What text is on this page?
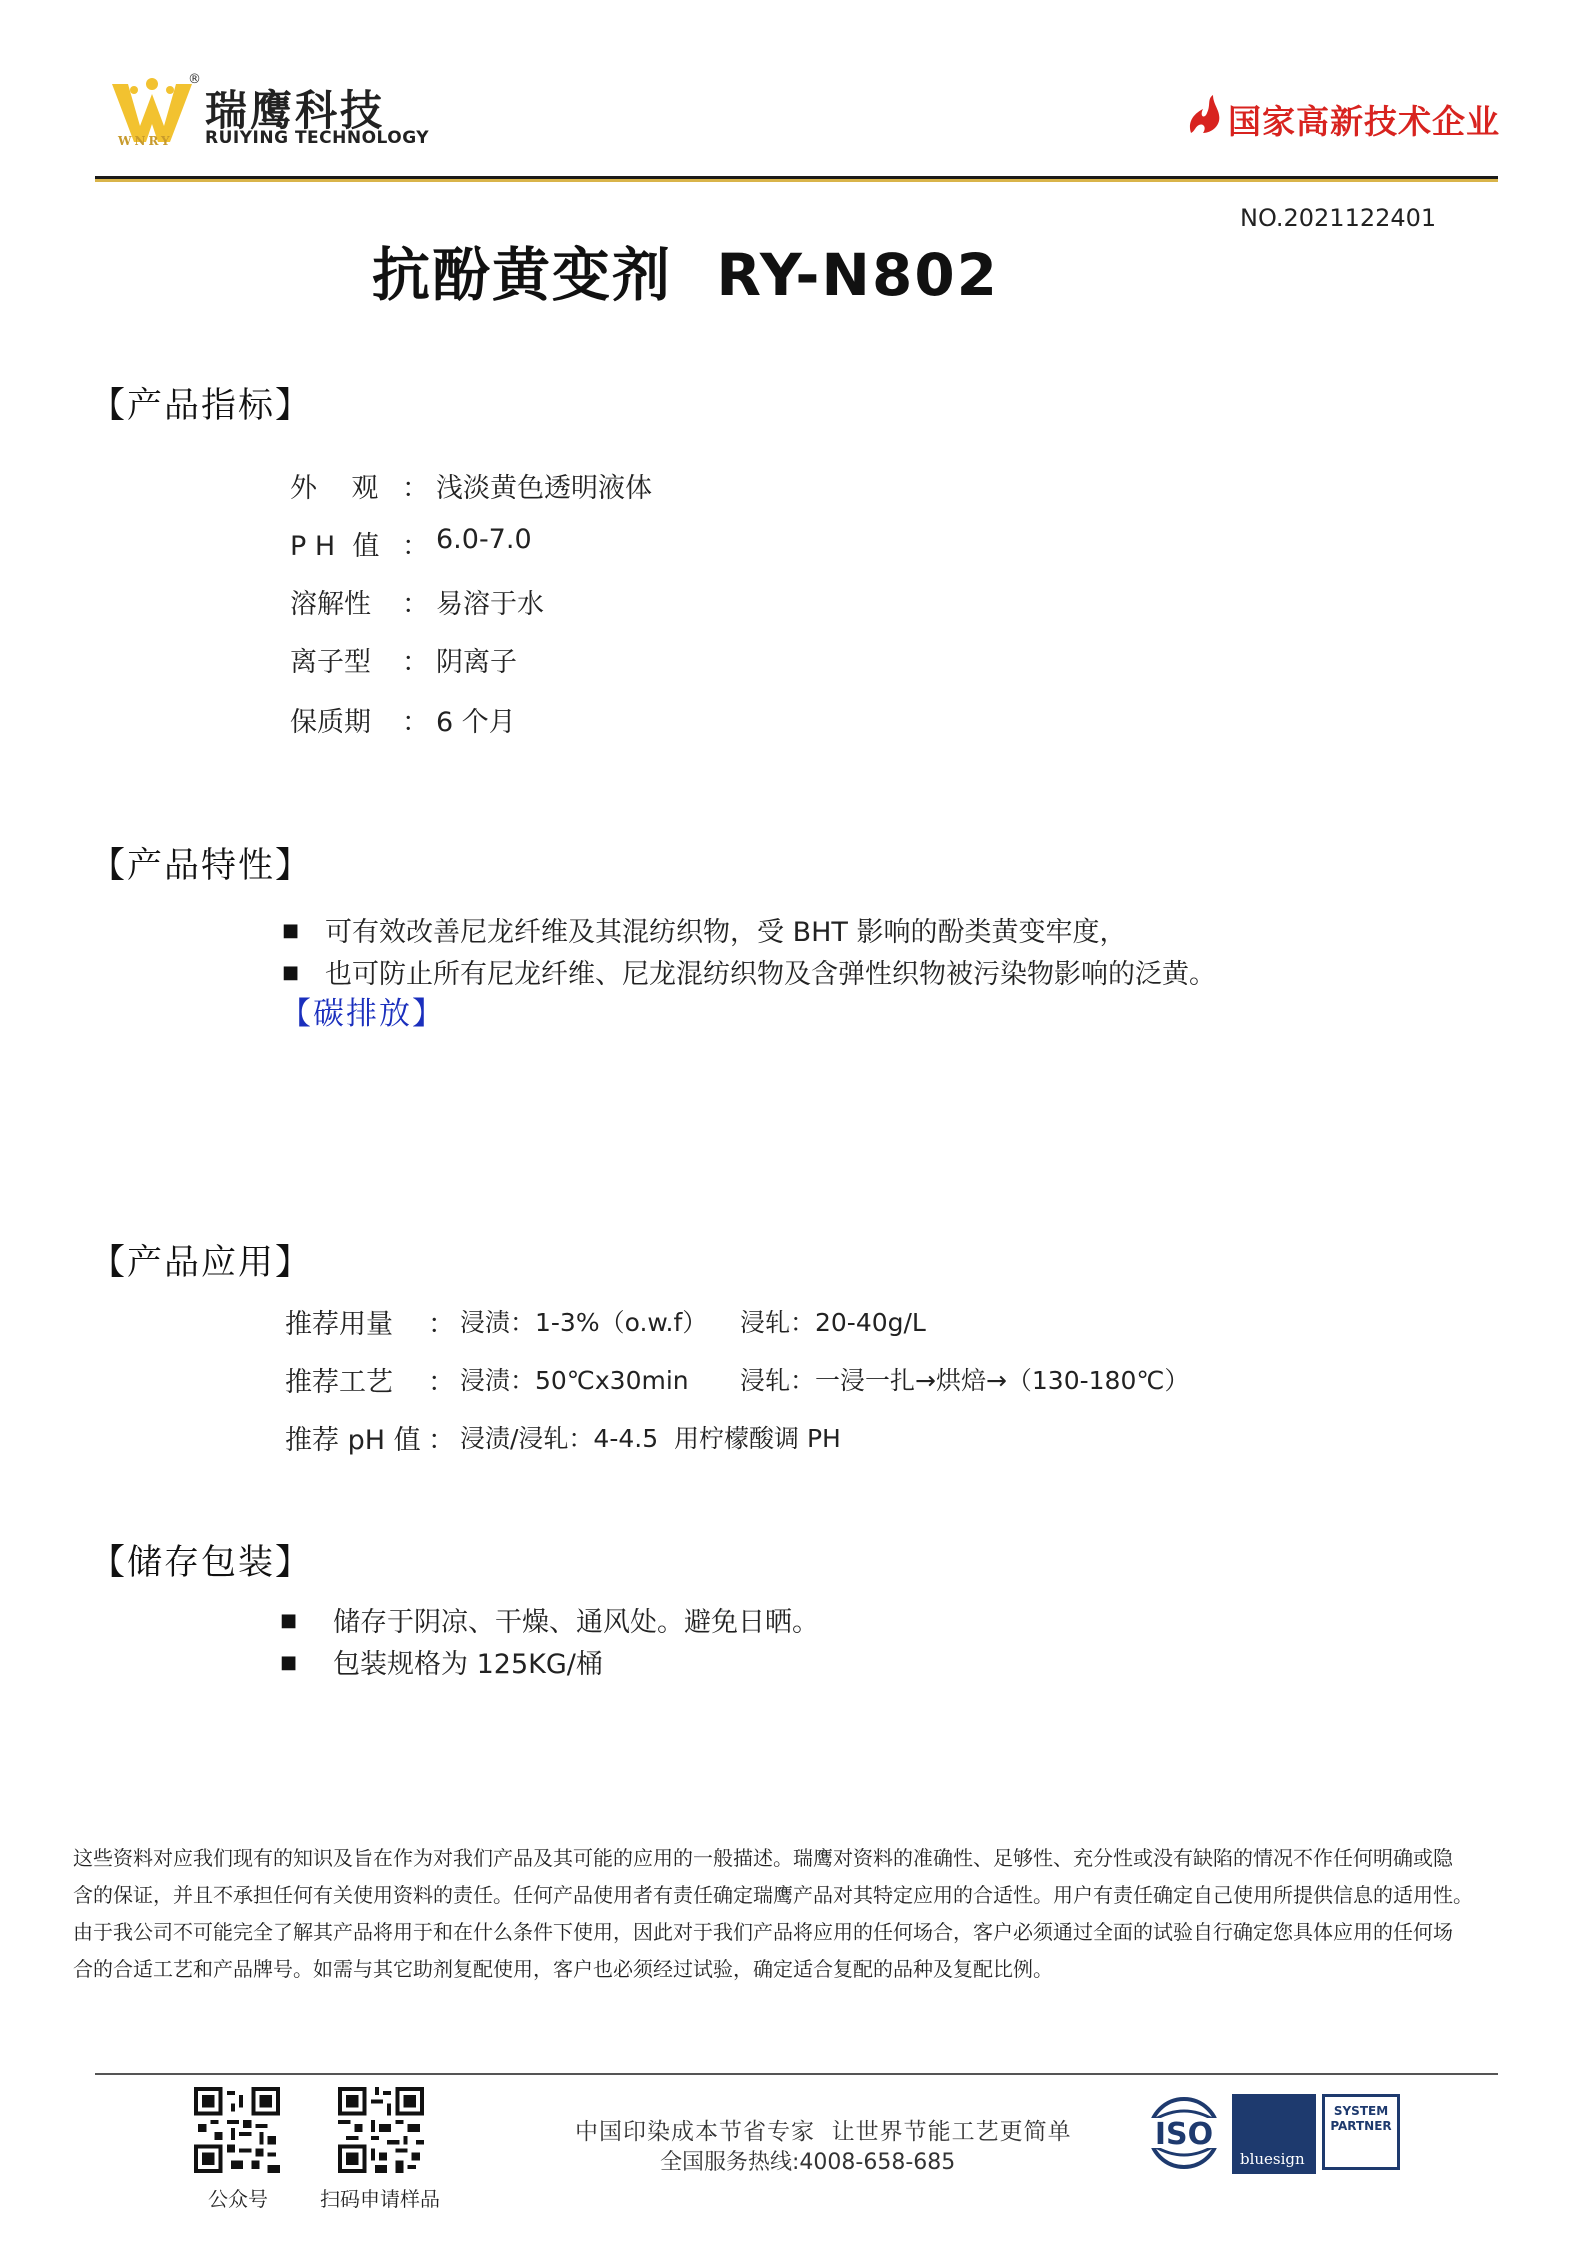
®
WNRY
瑞鹰科技
RUIYING TECHNOLOGY	国家高新技术企业
NO.2021122401
抗酚黄变剂  RY-N802
【产品指标】
外    观 ： 浅淡黄色透明液体
P H  值 ： 6.0-7.0
溶解性 ： 易溶于水
离子型 ： 阴离子
保质期 ： 6 个月
【产品特性】
■ 可有效改善尼龙纤维及其混纺织物，受 BHT 影响的酚类黄变牢度，
■ 也可防止所有尼龙纤维、尼龙混纺织物及含弹性织物被污染物影响的泛黄。
【碳排放】
【产品应用】
推荐用量 ： 浸渍：1-3%（o.w.f） 浸轧：20-40g/L
推荐工艺 ： 浸渍：50℃x30min 浸轧：一浸一扎→烘焙→（130-180℃）
推荐 pH 值 ： 浸渍/浸轧：4-4.5  用柠檬酸调 PH
【储存包装】
■ 储存于阴凉、干燥、通风处。避免日晒。
■ 包装规格为 125KG/桶
这些资料对应我们现有的知识及旨在作为对我们产品及其可能的应用的一般描述。瑞鹰对资料的准确性、足够性、充分性或没有缺陷的情况不作任何明确或隐
含的保证，并且不承担任何有关使用资料的责任。任何产品使用者有责任确定瑞鹰产品对其特定应用的合适性。用户有责任确定自己使用所提供信息的适用性。
由于我公司不可能完全了解其产品将用于和在什么条件下使用，因此对于我们产品将应用的任何场合，客户必须通过全面的试验自行确定您具体应用的任何场
合的合适工艺和产品牌号。如需与其它助剂复配使用，客户也必须经过试验，确定适合复配的品种及复配比例。
公众号	扫码申请样品
中国印染成本节省专家  让世界节能工艺更简单
全国服务热线:4008-658-685
ISO
bluesign
SYSTEM
PARTNER
